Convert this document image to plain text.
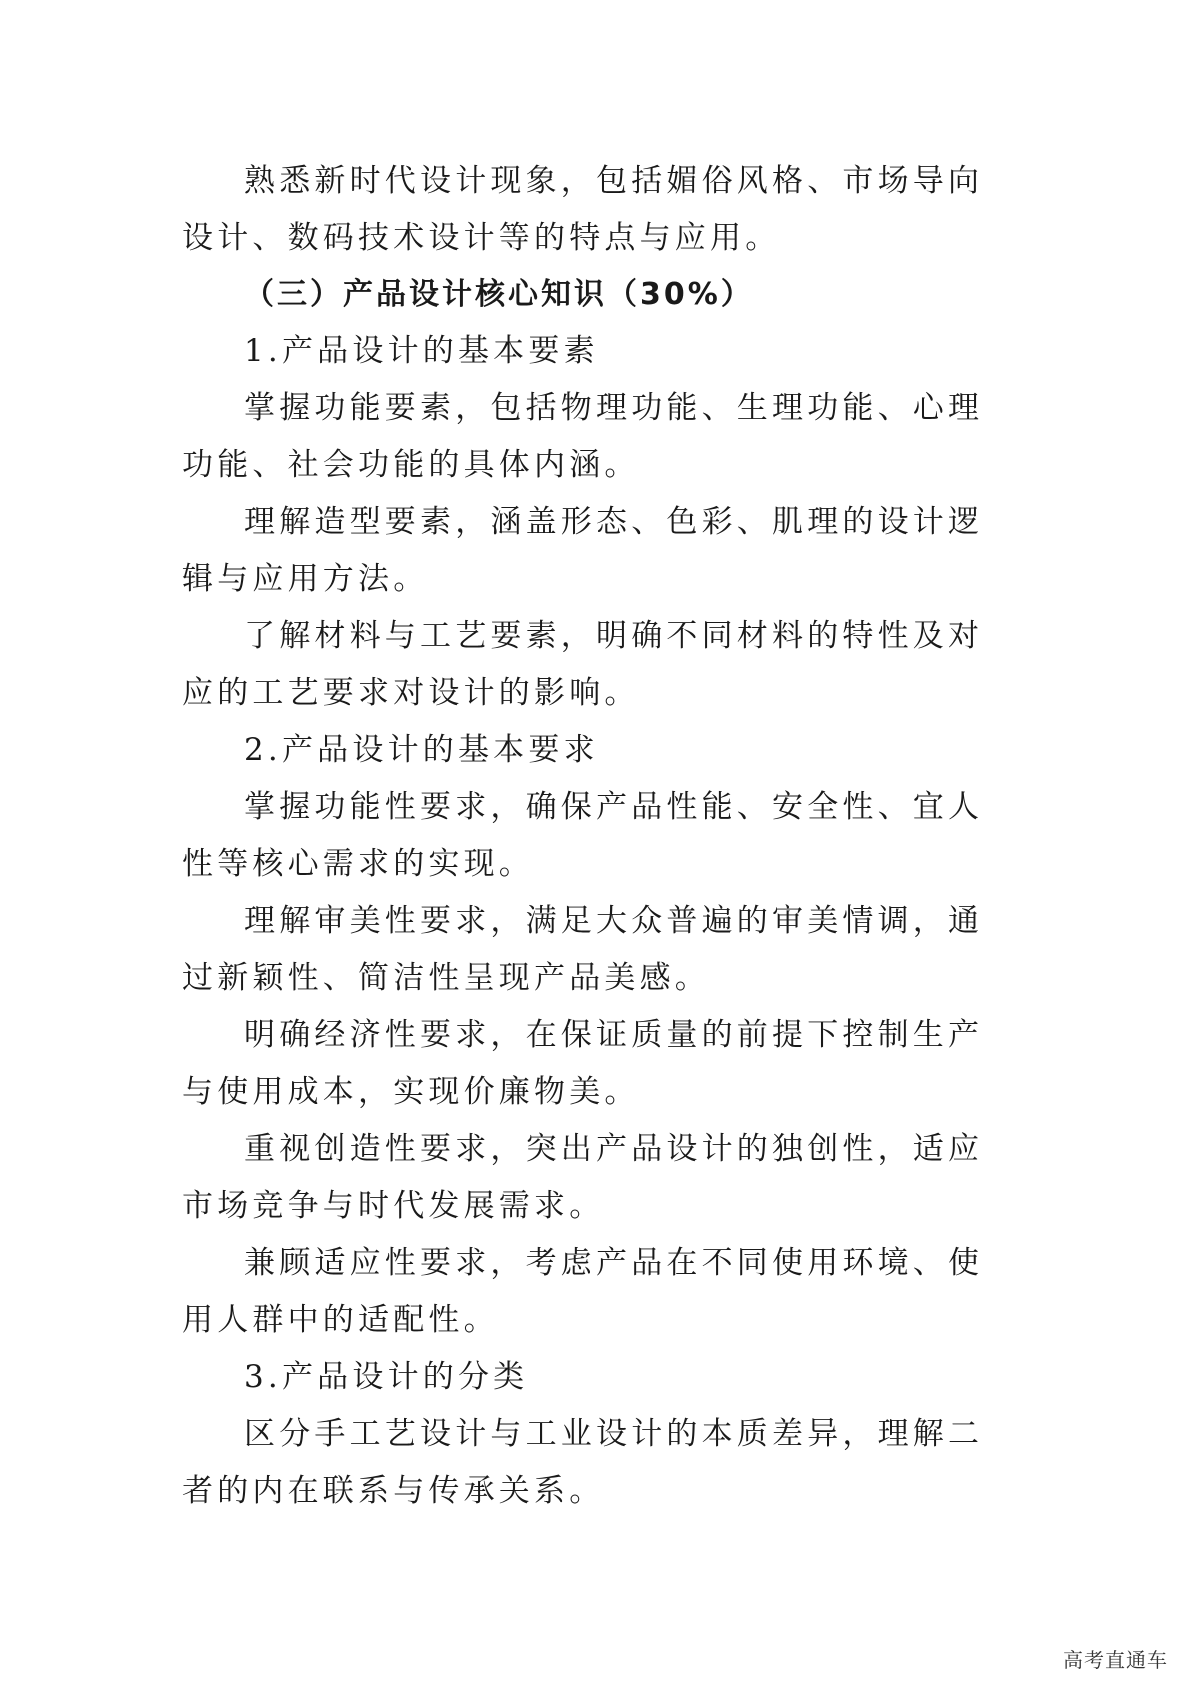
熟悉新时代设计现象，包括媚俗风格、市场导向设计、数码技术设计等的特点与应用。

（三）产品设计核心知识（30%）

1.产品设计的基本要素

掌握功能要素，包括物理功能、生理功能、心理功能、社会功能的具体内涵。

理解造型要素，涵盖形态、色彩、肌理的设计逻辑与应用方法。

了解材料与工艺要素，明确不同材料的特性及对应的工艺要求对设计的影响。

2.产品设计的基本要求

掌握功能性要求，确保产品性能、安全性、宜人性等核心需求的实现。

理解审美性要求，满足大众普遍的审美情调，通过新颖性、简洁性呈现产品美感。

明确经济性要求，在保证质量的前提下控制生产与使用成本，实现价廉物美。

重视创造性要求，突出产品设计的独创性，适应市场竞争与时代发展需求。

兼顾适应性要求，考虑产品在不同使用环境、使用人群中的适配性。

3.产品设计的分类

区分手工艺设计与工业设计的本质差异，理解二者的内在联系与传承关系。

高考直通车
